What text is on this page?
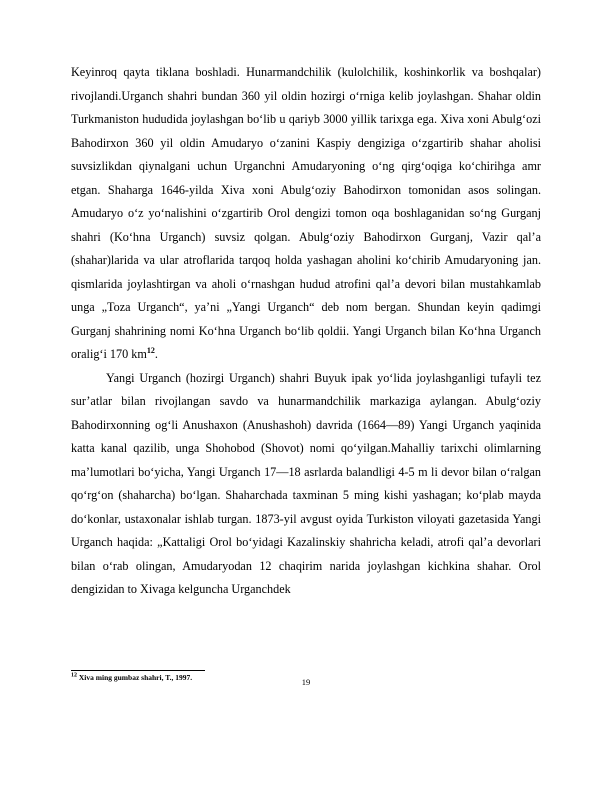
Keyinroq qayta tiklana boshladi. Hunarmandchilik (kulolchilik, koshinkorlik va boshqalar) rivojlandi.Urganch shahri bundan 360 yil oldin hozirgi o‘rniga kelib joylashgan. Shahar oldin Turkmaniston hududida joylashgan bo‘lib u qariyb 3000 yillik tarixga ega. Xiva xoni Abulg‘ozi Bahodirxon 360 yil oldin Amudaryo o‘zanini Kaspiy dengiziga o‘zgartirib shahar aholisi suvsizlikdan qiynalgani uchun Urganchni Amudaryoning o‘ng qirg‘oqiga ko‘chirihga amr etgan. Shaharga 1646-yilda Xiva xoni Abulg‘oziy Bahodirxon tomonidan asos solingan. Amudaryo o‘z yo‘nalishini o‘zgartirib Orol dengizi tomon oqa boshlaganidan so‘ng Gurganj shahri (Ko‘hna Urganch) suvsiz qolgan. Abulg‘oziy Bahodirxon Gurganj, Vazir qal’a (shahar)larida va ular atroflarida tarqoq holda yashagan aholini ko‘chirib Amudaryoning jan. qismlarida joylashtirgan va aholi o‘rnashgan hudud atrofini qal’a devori bilan mustahkamlab unga „Toza Urganch“, ya’ni „Yangi Urganch“ deb nom bergan. Shundan keyin qadimgi Gurganj shahrining nomi Ko‘hna Urganch bo‘lib qoldii. Yangi Urganch bilan Ko‘hna Urganch oralig‘i 170 km$^{12}$.

Yangi Urganch (hozirgi Urganch) shahri Buyuk ipak yo‘lida joylashganligi tufayli tez sur’atlar bilan rivojlangan savdo va hunarmandchilik markaziga aylangan. Abulg‘oziy Bahodirxonning og‘li Anushaxon (Anushashoh) davrida (1664—89) Yangi Urganch yaqinida katta kanal qazilib, unga Shohobod (Shovot) nomi qo‘yilgan.Mahalliy tarixchi olimlarning ma’lumotlari bo‘yicha, Yangi Urganch 17—18 asrlarda balandligi 4-5 m li devor bilan o‘ralgan qo‘rg‘on (shaharcha) bo‘lgan. Shaharchada taxminan 5 ming kishi yashagan; ko‘plab mayda do‘konlar, ustaxonalar ishlab turgan. 1873-yil avgust oyida Turkiston viloyati gazetasida Yangi Urganch haqida: „Kattaligi Orol bo‘yidagi Kazalinskiy shahricha keladi, atrofi qal’a devorlari bilan o‘rab olingan, Amudaryodan 12 chaqirim narida joylashgan kichkina shahar. Orol dengizidan to Xivaga kelguncha Urganchdek

$^{12}$ Xiva ming gumbaz shahri, T., 1997.	19
